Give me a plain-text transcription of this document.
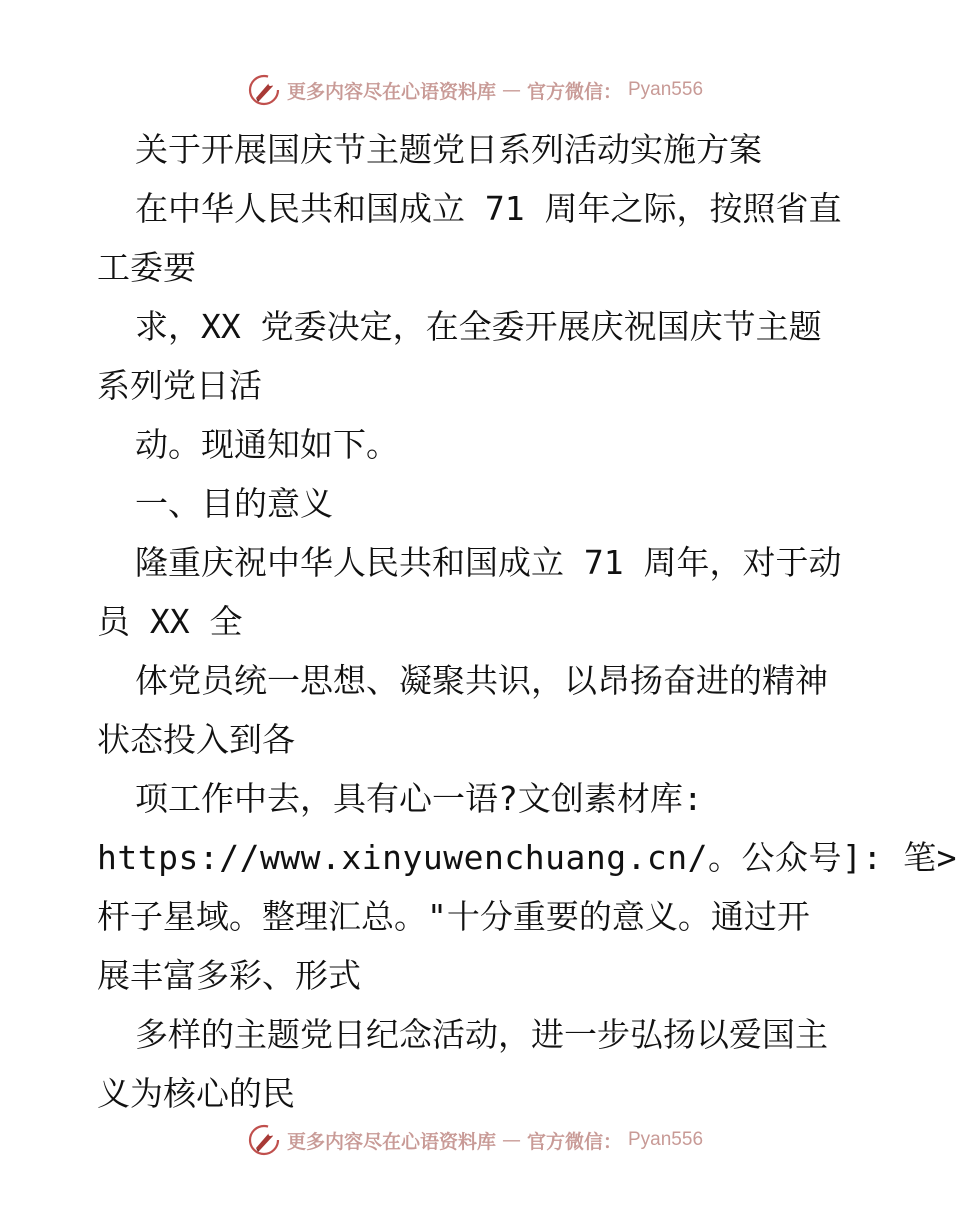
更多内容尽在心语资料库 — 官方微信： Pyan556
关于开展国庆节主题党日系列活动实施方案
在中华人民共和国成立 71 周年之际，按照省直
工委要
求，XX 党委决定，在全委开展庆祝国庆节主题
系列党日活
动。现通知如下。
一、目的意义
隆重庆祝中华人民共和国成立 71 周年，对于动
员 XX 全
体党员统一思想、凝聚共识，以昂扬奋进的精神
状态投入到各
项工作中去，具有心一语?文创素材库:
https://www.xinyuwenchuang.cn/。公众号]: 笔>
杆子星域。整理汇总。"十分重要的意义。通过开
展丰富多彩、形式
多样的主题党日纪念活动，进一步弘扬以爱国主
义为核心的民
更多内容尽在心语资料库 — 官方微信： Pyan556
